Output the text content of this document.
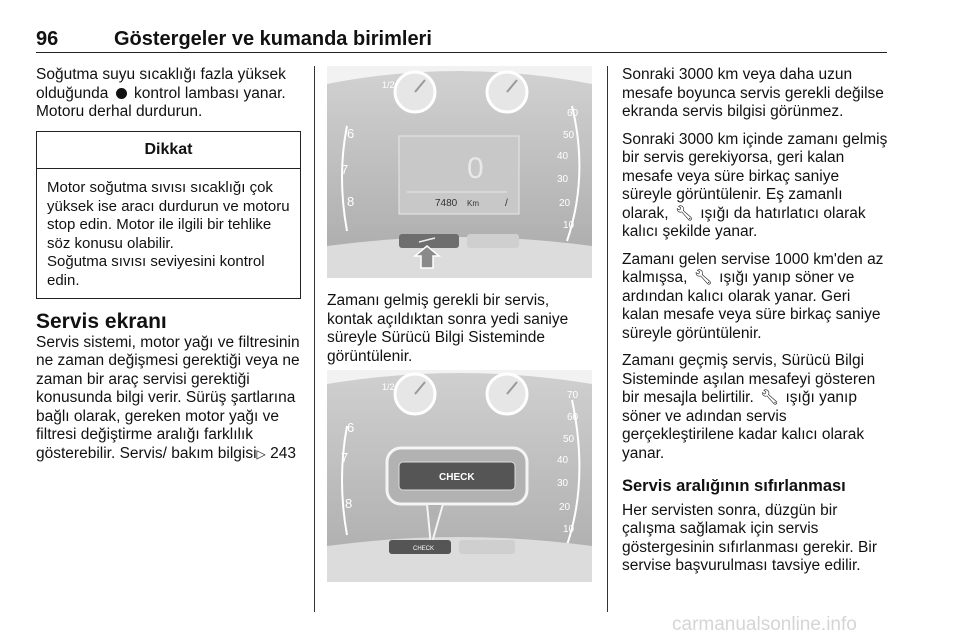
96	Göstergeler ve kumanda birimleri

Soğutma suyu sıcaklığı fazla yüksek olduğunda kontrol lambası yanar. Motoru derhal durdurun.

Dikkat

Motor soğutma sıvısı sıcaklığı çok yüksek ise aracı durdurun ve motoru stop edin. Motor ile ilgili bir tehlike söz konusu olabilir.

Soğutma sıvısı seviyesini kontrol edin.

Servis ekranı

Servis sistemi, motor yağı ve filtresinin ne zaman değişmesi gerektiği veya ne zaman bir araç servisi gerektiği konusunda bilgi verir. Sürüş şartlarına bağlı olarak, gereken motor yağı ve filtresi değiştirme aralığı farklılık gösterebilir. Servis/ bakım bilgisi▷ 243

1/2
6
7
8
60
50
40
30
20
10
0
7480 Km	/

Zamanı gelmiş gerekli bir servis, kontak açıldıktan sonra yedi saniye süreyle Sürücü Bilgi Sisteminde görüntülenir.

1/2
6
7
8
70
60
50
40
30
20
10
CHECK
CHECK

Sonraki 3000 km veya daha uzun mesafe boyunca servis gerekli değilse ekranda servis bilgisi görünmez.

Sonraki 3000 km içinde zamanı gelmiş bir servis gerekiyorsa, geri kalan mesafe veya süre birkaç saniye süreyle görüntülenir. Eş zamanlı olarak, 🔧︎ ışığı da hatırlatıcı olarak kalıcı şekilde yanar.

Zamanı gelen servise 1000 km'den az kalmışsa, 🔧︎ ışığı yanıp söner ve ardından kalıcı olarak yanar. Geri kalan mesafe veya süre birkaç saniye süreyle görüntülenir.

Zamanı geçmiş servis, Sürücü Bilgi Sisteminde aşılan mesafeyi gösteren bir mesajla belirtilir. 🔧︎ ışığı yanıp söner ve adından servis gerçekleştirilene kadar kalıcı olarak yanar.

Servis aralığının sıfırlanması

Her servisten sonra, düzgün bir çalışma sağlamak için servis göstergesinin sıfırlanması gerekir. Bir servise başvurulması tavsiye edilir.

carmanualsonline.info
